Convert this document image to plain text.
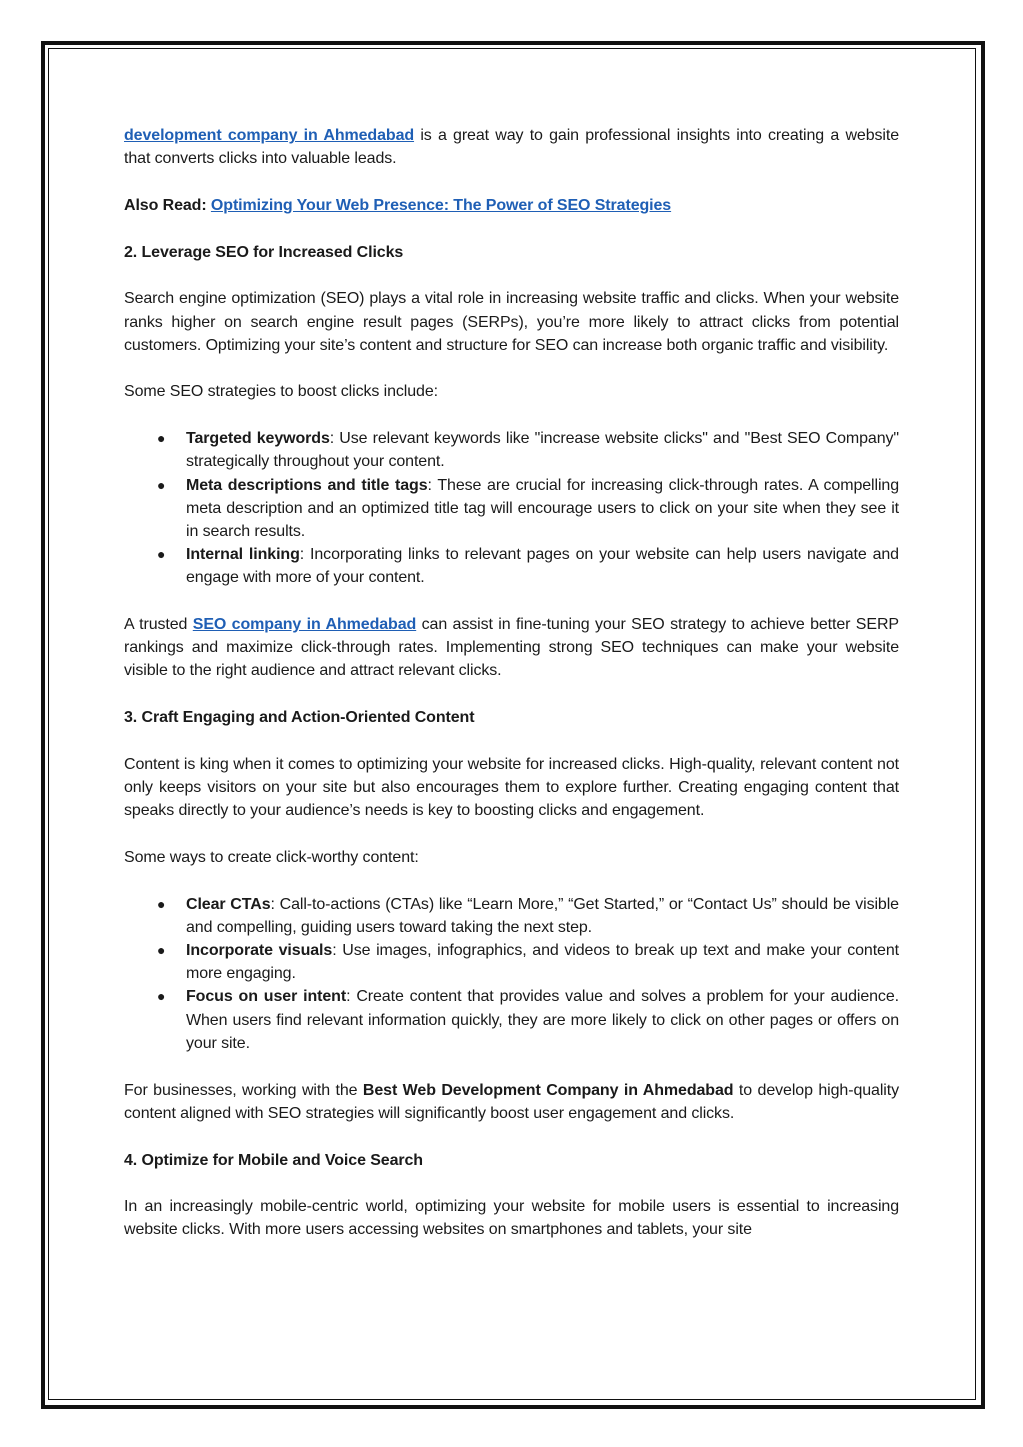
development company in Ahmedabad is a great way to gain professional insights into creating a website that converts clicks into valuable leads.

Also Read: Optimizing Your Web Presence: The Power of SEO Strategies

2. Leverage SEO for Increased Clicks

Search engine optimization (SEO) plays a vital role in increasing website traffic and clicks. When your website ranks higher on search engine result pages (SERPs), you’re more likely to attract clicks from potential customers. Optimizing your site’s content and structure for SEO can increase both organic traffic and visibility.

Some SEO strategies to boost clicks include:

● Targeted keywords: Use relevant keywords like "increase website clicks" and "Best SEO Company" strategically throughout your content.
● Meta descriptions and title tags: These are crucial for increasing click-through rates. A compelling meta description and an optimized title tag will encourage users to click on your site when they see it in search results.
● Internal linking: Incorporating links to relevant pages on your website can help users navigate and engage with more of your content.

A trusted SEO company in Ahmedabad can assist in fine-tuning your SEO strategy to achieve better SERP rankings and maximize click-through rates. Implementing strong SEO techniques can make your website visible to the right audience and attract relevant clicks.

3. Craft Engaging and Action-Oriented Content

Content is king when it comes to optimizing your website for increased clicks. High-quality, relevant content not only keeps visitors on your site but also encourages them to explore further. Creating engaging content that speaks directly to your audience’s needs is key to boosting clicks and engagement.

Some ways to create click-worthy content:

● Clear CTAs: Call-to-actions (CTAs) like “Learn More,” “Get Started,” or “Contact Us” should be visible and compelling, guiding users toward taking the next step.
● Incorporate visuals: Use images, infographics, and videos to break up text and make your content more engaging.
● Focus on user intent: Create content that provides value and solves a problem for your audience. When users find relevant information quickly, they are more likely to click on other pages or offers on your site.

For businesses, working with the Best Web Development Company in Ahmedabad to develop high-quality content aligned with SEO strategies will significantly boost user engagement and clicks.

4. Optimize for Mobile and Voice Search

In an increasingly mobile-centric world, optimizing your website for mobile users is essential to increasing website clicks. With more users accessing websites on smartphones and tablets, your site
